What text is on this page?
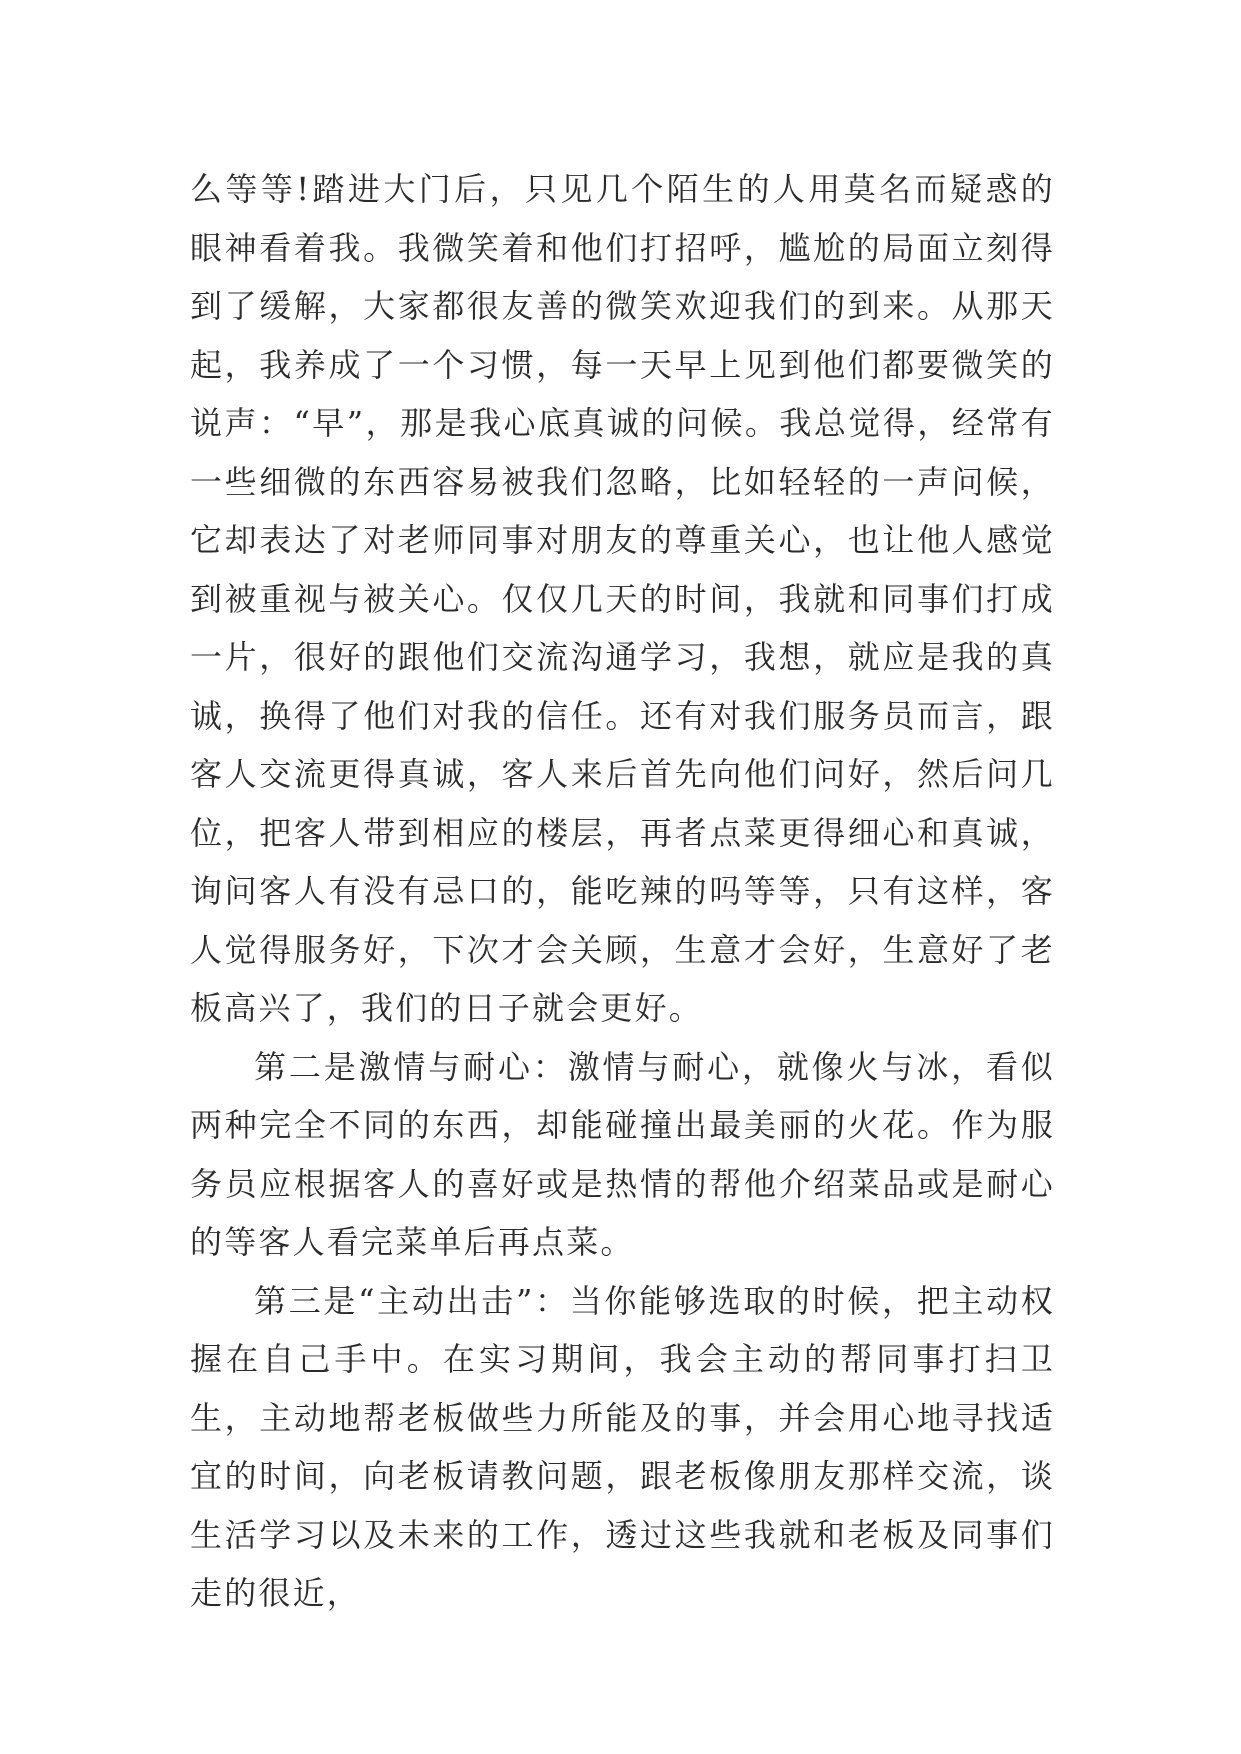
么等等!踏进大门后，只见几个陌生的人用莫名而疑惑的眼神看着我。我微笑着和他们打招呼，尴尬的局面立刻得到了缓解，大家都很友善的微笑欢迎我们的到来。从那天起，我养成了一个习惯，每一天早上见到他们都要微笑的说声：“早”，那是我心底真诚的问候。我总觉得，经常有一些细微的东西容易被我们忽略，比如轻轻的一声问候，它却表达了对老师同事对朋友的尊重关心，也让他人感觉到被重视与被关心。仅仅几天的时间，我就和同事们打成一片，很好的跟他们交流沟通学习，我想，就应是我的真诚，换得了他们对我的信任。还有对我们服务员而言，跟客人交流更得真诚，客人来后首先向他们问好，然后问几位，把客人带到相应的楼层，再者点菜更得细心和真诚，询问客人有没有忌口的，能吃辣的吗等等，只有这样，客人觉得服务好，下次才会关顾，生意才会好，生意好了老板高兴了，我们的日子就会更好。

第二是激情与耐心：激情与耐心，就像火与冰，看似两种完全不同的东西，却能碰撞出最美丽的火花。作为服务员应根据客人的喜好或是热情的帮他介绍菜品或是耐心的等客人看完菜单后再点菜。

第三是“主动出击”：当你能够选取的时候，把主动权握在自己手中。在实习期间，我会主动的帮同事打扫卫生，主动地帮老板做些力所能及的事，并会用心地寻找适宜的时间，向老板请教问题，跟老板像朋友那样交流，谈生活学习以及未来的工作，透过这些我就和老板及同事们走的很近，
